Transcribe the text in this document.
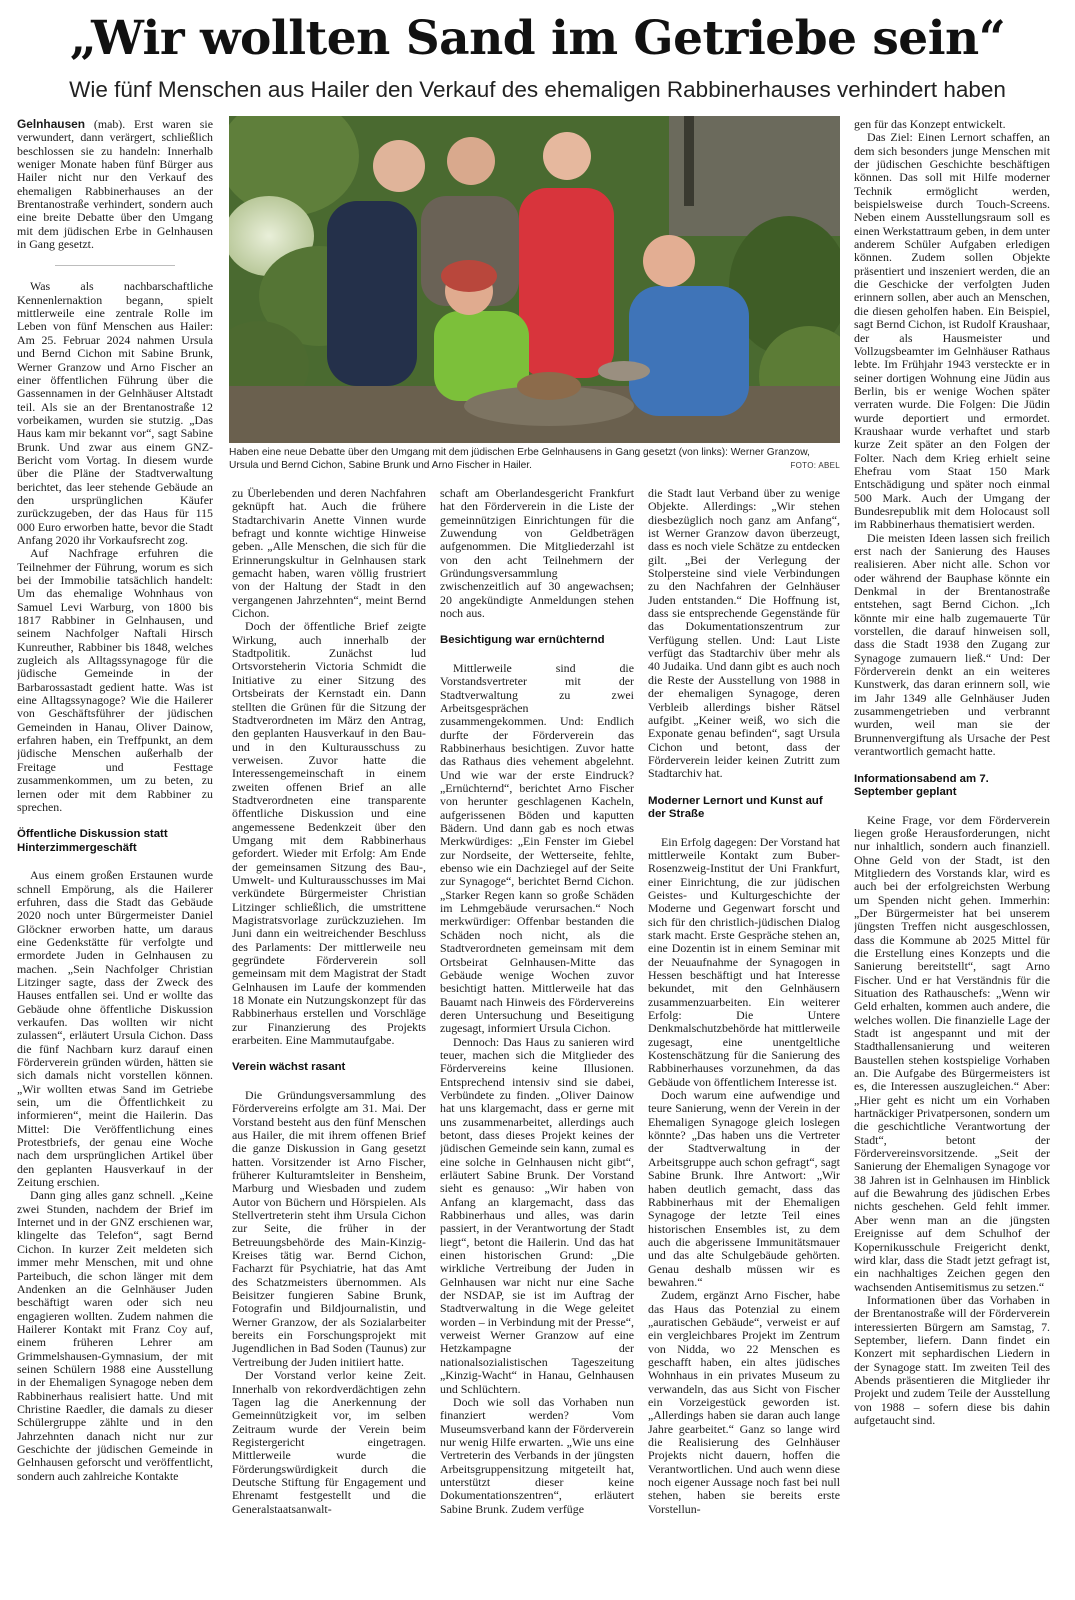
„Wir wollten Sand im Getriebe sein“
Wie fünf Menschen aus Hailer den Verkauf des ehemaligen Rabbinerhauses verhindert haben

Gelnhausen (mab). Erst waren sie verwundert, dann verärgert, schließlich beschlossen sie zu handeln: Innerhalb weniger Monate haben fünf Bürger aus Hailer nicht nur den Verkauf des ehemaligen Rabbinerhauses an der Brentanostraße verhindert, sondern auch eine breite Debatte über den Umgang mit dem jüdischen Erbe in Gelnhausen in Gang gesetzt.

Was als nachbarschaftliche Kennenlernaktion begann, spielt mittlerweile eine zentrale Rolle im Leben von fünf Menschen aus Hailer: Am 25. Februar 2024 nahmen Ursula und Bernd Cichon mit Sabine Brunk, Werner Granzow und Arno Fischer an einer öffentlichen Führung über die Gassennamen in der Gelnhäuser Altstadt teil. Als sie an der Brentanostraße 12 vorbeikamen, wurden sie stutzig. „Das Haus kam mir bekannt vor“, sagt Sabine Brunk. Und zwar aus einem GNZ-Bericht vom Vortag. In diesem wurde über die Pläne der Stadtverwaltung berichtet, das leer stehende Gebäude an den ursprünglichen Käufer zurückzugeben, der das Haus für 115 000 Euro erworben hatte, bevor die Stadt Anfang 2020 ihr Vorkaufsrecht zog.

Auf Nachfrage erfuhren die Teilnehmer der Führung, worum es sich bei der Immobilie tatsächlich handelt: Um das ehemalige Wohnhaus von Samuel Levi Warburg, von 1800 bis 1817 Rabbiner in Gelnhausen, und seinem Nachfolger Naftali Hirsch Kunreuther, Rabbiner bis 1848, welches zugleich als Alltagssynagoge für die jüdische Gemeinde in der Barbarossastadt gedient hatte. Was ist eine Alltagssynagoge? Wie die Hailerer von Geschäftsführer der jüdischen Gemeinden in Hanau, Oliver Dainow, erfahren haben, ein Treffpunkt, an dem jüdische Menschen außerhalb der Freitage und Festtage zusammenkommen, um zu beten, zu lernen oder mit dem Rabbiner zu sprechen.

Öffentliche Diskussion statt Hinterzimmergeschäft

Aus einem großen Erstaunen wurde schnell Empörung, als die Hailerer erfuhren, dass die Stadt das Gebäude 2020 noch unter Bürgermeister Daniel Glöckner erworben hatte, um daraus eine Gedenkstätte für verfolgte und ermordete Juden in Gelnhausen zu machen. „Sein Nachfolger Christian Litzinger sagte, dass der Zweck des Hauses entfallen sei. Und er wollte das Gebäude ohne öffentliche Diskussion verkaufen. Das wollten wir nicht zulassen“, erläutert Ursula Cichon. Dass die fünf Nachbarn kurz darauf einen Förderverein gründen würden, hätten sie sich damals nicht vorstellen können. „Wir wollten etwas Sand im Getriebe sein, um die Öffentlichkeit zu informieren“, meint die Hailerin. Das Mittel: Die Veröffentlichung eines Protestbriefs, der genau eine Woche nach dem ursprünglichen Artikel über den geplanten Hausverkauf in der Zeitung erschien.

Dann ging alles ganz schnell. „Keine zwei Stunden, nachdem der Brief im Internet und in der GNZ erschienen war, klingelte das Telefon“, sagt Bernd Cichon. In kurzer Zeit meldeten sich immer mehr Menschen, mit und ohne Parteibuch, die schon länger mit dem Andenken an die Gelnhäuser Juden beschäftigt waren oder sich neu engagieren wollten. Zudem nahmen die Hailerer Kontakt mit Franz Coy auf, einem früheren Lehrer am Grimmelshausen-Gymnasium, der mit seinen Schülern 1988 eine Ausstellung in der Ehemaligen Synagoge neben dem Rabbinerhaus realisiert hatte. Und mit Christine Raedler, die damals zu dieser Schülergruppe zählte und in den Jahrzehnten danach nicht nur zur Geschichte der jüdischen Gemeinde in Gelnhausen geforscht und veröffentlicht, sondern auch zahlreiche Kontakte

Haben eine neue Debatte über den Umgang mit dem jüdischen Erbe Gelnhausens in Gang gesetzt (von links): Werner Granzow, Ursula und Bernd Cichon, Sabine Brunk und Arno Fischer in Hailer.	FOTO: ABEL

zu Überlebenden und deren Nachfahren geknüpft hat. Auch die frühere Stadtarchivarin Anette Vinnen wurde befragt und konnte wichtige Hinweise geben. „Alle Menschen, die sich für die Erinnerungskultur in Gelnhausen stark gemacht haben, waren völlig frustriert von der Haltung der Stadt in den vergangenen Jahrzehnten“, meint Bernd Cichon.

Doch der öffentliche Brief zeigte Wirkung, auch innerhalb der Stadtpolitik. Zunächst lud Ortsvorsteherin Victoria Schmidt die Initiative zu einer Sitzung des Ortsbeirats der Kernstadt ein. Dann stellten die Grünen für die Sitzung der Stadtverordneten im März den Antrag, den geplanten Hausverkauf in den Bau- und in den Kulturausschuss zu verweisen. Zuvor hatte die Interessengemeinschaft in einem zweiten offenen Brief an alle Stadtverordneten eine transparente öffentliche Diskussion und eine angemessene Bedenkzeit über den Umgang mit dem Rabbinerhaus gefordert. Wieder mit Erfolg: Am Ende der gemeinsamen Sitzung des Bau-, Umwelt- und Kulturausschusses im Mai verkündete Bürgermeister Christian Litzinger schließlich, die umstrittene Magistratsvorlage zurückzuziehen. Im Juni dann ein weitreichender Beschluss des Parlaments: Der mittlerweile neu gegründete Förderverein soll gemeinsam mit dem Magistrat der Stadt Gelnhausen im Laufe der kommenden 18 Monate ein Nutzungskonzept für das Rabbinerhaus erstellen und Vorschläge zur Finanzierung des Projekts erarbeiten. Eine Mammutaufgabe.

Verein wächst rasant

Die Gründungsversammlung des Fördervereins erfolgte am 31. Mai. Der Vorstand besteht aus den fünf Menschen aus Hailer, die mit ihrem offenen Brief die ganze Diskussion in Gang gesetzt hatten. Vorsitzender ist Arno Fischer, früherer Kulturamtsleiter in Bensheim, Marburg und Wiesbaden und zudem Autor von Büchern und Hörspielen. Als Stellvertreterin steht ihm Ursula Cichon zur Seite, die früher in der Betreuungsbehörde des Main-Kinzig-Kreises tätig war. Bernd Cichon, Facharzt für Psychiatrie, hat das Amt des Schatzmeisters übernommen. Als Beisitzer fungieren Sabine Brunk, Fotografin und Bildjournalistin, und Werner Granzow, der als Sozialarbeiter bereits ein Forschungsprojekt mit Jugendlichen in Bad Soden (Taunus) zur Vertreibung der Juden initiiert hatte.

Der Vorstand verlor keine Zeit. Innerhalb von rekordverdächtigen zehn Tagen lag die Anerkennung der Gemeinnützigkeit vor, im selben Zeitraum wurde der Verein beim Registergericht eingetragen. Mittlerweile wurde die Förderungswürdigkeit durch die Deutsche Stiftung für Engagement und Ehrenamt festgestellt und die Generalstaatsanwalt-

schaft am Oberlandesgericht Frankfurt hat den Förderverein in die Liste der gemeinnützigen Einrichtungen für die Zuwendung von Geldbeträgen aufgenommen. Die Mitgliederzahl ist von den acht Teilnehmern der Gründungsversammlung zwischenzeitlich auf 30 angewachsen; 20 angekündigte Anmeldungen stehen noch aus.

Besichtigung war ernüchternd

Mittlerweile sind die Vorstandsvertreter mit der Stadtverwaltung zu zwei Arbeitsgesprächen zusammengekommen. Und: Endlich durfte der Förderverein das Rabbinerhaus besichtigen. Zuvor hatte das Rathaus dies vehement abgelehnt. Und wie war der erste Eindruck? „Ernüchternd“, berichtet Arno Fischer von herunter geschlagenen Kacheln, aufgerissenen Böden und kaputten Bädern. Und dann gab es noch etwas Merkwürdiges: „Ein Fenster im Giebel zur Nordseite, der Wetterseite, fehlte, ebenso wie ein Dachziegel auf der Seite zur Synagoge“, berichtet Bernd Cichon. „Starker Regen kann so große Schäden im Lehmgebäude verursachen.“ Noch merkwürdiger: Offenbar bestanden die Schäden noch nicht, als die Stadtverordneten gemeinsam mit dem Ortsbeirat Gelnhausen-Mitte das Gebäude wenige Wochen zuvor besichtigt hatten. Mittlerweile hat das Bauamt nach Hinweis des Fördervereins deren Untersuchung und Beseitigung zugesagt, informiert Ursula Cichon.

Dennoch: Das Haus zu sanieren wird teuer, machen sich die Mitglieder des Fördervereins keine Illusionen. Entsprechend intensiv sind sie dabei, Verbündete zu finden. „Oliver Dainow hat uns klargemacht, dass er gerne mit uns zusammenarbeitet, allerdings auch betont, dass dieses Projekt keines der jüdischen Gemeinde sein kann, zumal es eine solche in Gelnhausen nicht gibt“, erläutert Sabine Brunk. Der Vorstand sieht es genauso: „Wir haben von Anfang an klargemacht, dass das Rabbinerhaus und alles, was darin passiert, in der Verantwortung der Stadt liegt“, betont die Hailerin. Und das hat einen historischen Grund: „Die wirkliche Vertreibung der Juden in Gelnhausen war nicht nur eine Sache der NSDAP, sie ist im Auftrag der Stadtverwaltung in die Wege geleitet worden – in Verbindung mit der Presse“, verweist Werner Granzow auf eine Hetzkampagne der nationalsozialistischen Tageszeitung „Kinzig-Wacht“ in Hanau, Gelnhausen und Schlüchtern.

Doch wie soll das Vorhaben nun finanziert werden? Vom Museumsverband kann der Förderverein nur wenig Hilfe erwarten. „Wie uns eine Vertreterin des Verbands in der jüngsten Arbeitsgruppensitzung mitgeteilt hat, unterstützt dieser keine Dokumentationszentren“, erläutert Sabine Brunk. Zudem verfüge

die Stadt laut Verband über zu wenige Objekte. Allerdings: „Wir stehen diesbezüglich noch ganz am Anfang“, ist Werner Granzow davon überzeugt, dass es noch viele Schätze zu entdecken gilt. „Bei der Verlegung der Stolpersteine sind viele Verbindungen zu den Nachfahren der Gelnhäuser Juden entstanden.“ Die Hoffnung ist, dass sie entsprechende Gegenstände für das Dokumentationszentrum zur Verfügung stellen. Und: Laut Liste verfügt das Stadtarchiv über mehr als 40 Judaika. Und dann gibt es auch noch die Reste der Ausstellung von 1988 in der ehemaligen Synagoge, deren Verbleib allerdings bisher Rätsel aufgibt. „Keiner weiß, wo sich die Exponate genau befinden“, sagt Ursula Cichon und betont, dass der Förderverein leider keinen Zutritt zum Stadtarchiv hat.

Moderner Lernort und Kunst auf der Straße

Ein Erfolg dagegen: Der Vorstand hat mittlerweile Kontakt zum Buber-Rosenzweig-Institut der Uni Frankfurt, einer Einrichtung, die zur jüdischen Geistes- und Kulturgeschichte der Moderne und Gegenwart forscht und sich für den christlich-jüdischen Dialog stark macht. Erste Gespräche stehen an, eine Dozentin ist in einem Seminar mit der Neuaufnahme der Synagogen in Hessen beschäftigt und hat Interesse bekundet, mit den Gelnhäusern zusammenzuarbeiten. Ein weiterer Erfolg: Die Untere Denkmalschutzbehörde hat mittlerweile zugesagt, eine unentgeltliche Kostenschätzung für die Sanierung des Rabbinerhauses vorzunehmen, da das Gebäude von öffentlichem Interesse ist.

Doch warum eine aufwendige und teure Sanierung, wenn der Verein in der Ehemaligen Synagoge gleich loslegen könnte? „Das haben uns die Vertreter der Stadtverwaltung in der Arbeitsgruppe auch schon gefragt“, sagt Sabine Brunk. Ihre Antwort: „Wir haben deutlich gemacht, dass das Rabbinerhaus mit der Ehemaligen Synagoge der letzte Teil eines historischen Ensembles ist, zu dem auch die abgerissene Immunitätsmauer und das alte Schulgebäude gehörten. Genau deshalb müssen wir es bewahren.“

Zudem, ergänzt Arno Fischer, habe das Haus das Potenzial zu einem „auratischen Gebäude“, verweist er auf ein vergleichbares Projekt im Zentrum von Nidda, wo 22 Menschen es geschafft haben, ein altes jüdisches Wohnhaus in ein privates Museum zu verwandeln, das aus Sicht von Fischer ein Vorzeigestück geworden ist. „Allerdings haben sie daran auch lange Jahre gearbeitet.“ Ganz so lange wird die Realisierung des Gelnhäuser Projekts nicht dauern, hoffen die Verantwortlichen. Und auch wenn diese noch eigener Aussage noch fast bei null stehen, haben sie bereits erste Vorstellun-

gen für das Konzept entwickelt.

Das Ziel: Einen Lernort schaffen, an dem sich besonders junge Menschen mit der jüdischen Geschichte beschäftigen können. Das soll mit Hilfe moderner Technik ermöglicht werden, beispielsweise durch Touch-Screens. Neben einem Ausstellungsraum soll es einen Werkstattraum geben, in dem unter anderem Schüler Aufgaben erledigen können. Zudem sollen Objekte präsentiert und inszeniert werden, die an die Geschicke der verfolgten Juden erinnern sollen, aber auch an Menschen, die diesen geholfen haben. Ein Beispiel, sagt Bernd Cichon, ist Rudolf Kraushaar, der als Hausmeister und Vollzugsbeamter im Gelnhäuser Rathaus lebte. Im Frühjahr 1943 versteckte er in seiner dortigen Wohnung eine Jüdin aus Berlin, bis er wenige Wochen später verraten wurde. Die Folgen: Die Jüdin wurde deportiert und ermordet. Kraushaar wurde verhaftet und starb kurze Zeit später an den Folgen der Folter. Nach dem Krieg erhielt seine Ehefrau vom Staat 150 Mark Entschädigung und später noch einmal 500 Mark. Auch der Umgang der Bundesrepublik mit dem Holocaust soll im Rabbinerhaus thematisiert werden.

Die meisten Ideen lassen sich freilich erst nach der Sanierung des Hauses realisieren. Aber nicht alle. Schon vor oder während der Bauphase könnte ein Denkmal in der Brentanostraße entstehen, sagt Bernd Cichon. „Ich könnte mir eine halb zugemauerte Tür vorstellen, die darauf hinweisen soll, dass die Stadt 1938 den Zugang zur Synagoge zumauern ließ.“ Und: Der Förderverein denkt an ein weiteres Kunstwerk, das daran erinnern soll, wie im Jahr 1349 alle Gelnhäuser Juden zusammengetrieben und verbrannt wurden, weil man sie der Brunnenvergiftung als Ursache der Pest verantwortlich gemacht hatte.

Informationsabend am 7. September geplant

Keine Frage, vor dem Förderverein liegen große Herausforderungen, nicht nur inhaltlich, sondern auch finanziell. Ohne Geld von der Stadt, ist den Mitgliedern des Vorstands klar, wird es auch bei der erfolgreichsten Werbung um Spenden nicht gehen. Immerhin: „Der Bürgermeister hat bei unserem jüngsten Treffen nicht ausgeschlossen, dass die Kommune ab 2025 Mittel für die Erstellung eines Konzepts und die Sanierung bereitstellt“, sagt Arno Fischer. Und er hat Verständnis für die Situation des Rathauschefs: „Wenn wir Geld erhalten, kommen auch andere, die welches wollen. Die finanzielle Lage der Stadt ist angespannt und mit der Stadthallensanierung und weiteren Baustellen stehen kostspielige Vorhaben an. Die Aufgabe des Bürgermeisters ist es, die Interessen auszugleichen.“ Aber: „Hier geht es nicht um ein Vorhaben hartnäckiger Privatpersonen, sondern um die geschichtliche Verantwortung der Stadt“, betont der Fördervereinsvorsitzende. „Seit der Sanierung der Ehemaligen Synagoge vor 38 Jahren ist in Gelnhausen im Hinblick auf die Bewahrung des jüdischen Erbes nichts geschehen. Geld fehlt immer. Aber wenn man an die jüngsten Ereignisse auf dem Schulhof der Kopernikusschule Freigericht denkt, wird klar, dass die Stadt jetzt gefragt ist, ein nachhaltiges Zeichen gegen den wachsenden Antisemitismus zu setzen.“

Informationen über das Vorhaben in der Brentanostraße will der Förderverein interessierten Bürgern am Samstag, 7. September, liefern. Dann findet ein Konzert mit sephardischen Liedern in der Synagoge statt. Im zweiten Teil des Abends präsentieren die Mitglieder ihr Projekt und zudem Teile der Ausstellung von 1988 – sofern diese bis dahin aufgetaucht sind.
